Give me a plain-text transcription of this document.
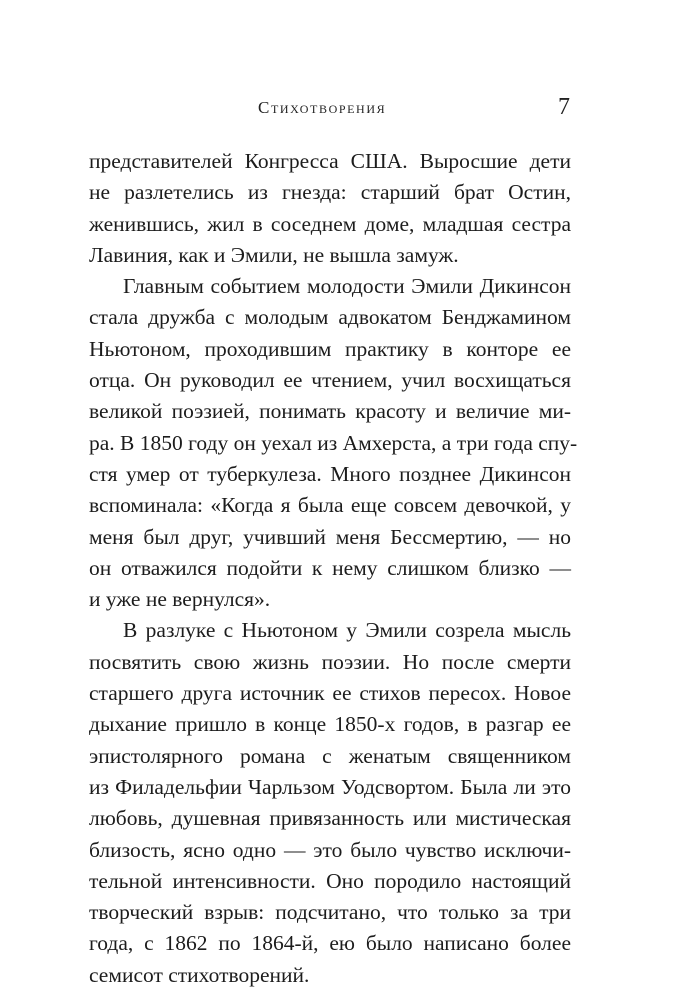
Стихотворения	7
представителей Конгресса США. Выросшие дети
не разлетелись из гнезда: старший брат Остин,
женившись, жил в соседнем доме, младшая сестра
Лавиния, как и Эмили, не вышла замуж.
Главным событием молодости Эмили Дикинсон
стала дружба с молодым адвокатом Бенджамином
Ньютоном, проходившим практику в конторе ее
отца. Он руководил ее чтением, учил восхищаться
великой поэзией, понимать красоту и величие ми-
ра. В 1850 году он уехал из Амхерста, а три года спу-
стя умер от туберкулеза. Много позднее Дикинсон
вспоминала: «Когда я была еще совсем девочкой, у
меня был друг, учивший меня Бессмертию, — но
он отважился подойти к нему слишком близко —
и уже не вернулся».
В разлуке с Ньютоном у Эмили созрела мысль
посвятить свою жизнь поэзии. Но после смерти
старшего друга источник ее стихов пересох. Новое
дыхание пришло в конце 1850-х годов, в разгар ее
эпистолярного романа с женатым священником
из Филадельфии Чарльзом Уодсвортом. Была ли это
любовь, душевная привязанность или мистическая
близость, ясно одно — это было чувство исключи-
тельной интенсивности. Оно породило настоящий
творческий взрыв: подсчитано, что только за три
года, с 1862 по 1864-й, ею было написано более
семисот стихотворений.
